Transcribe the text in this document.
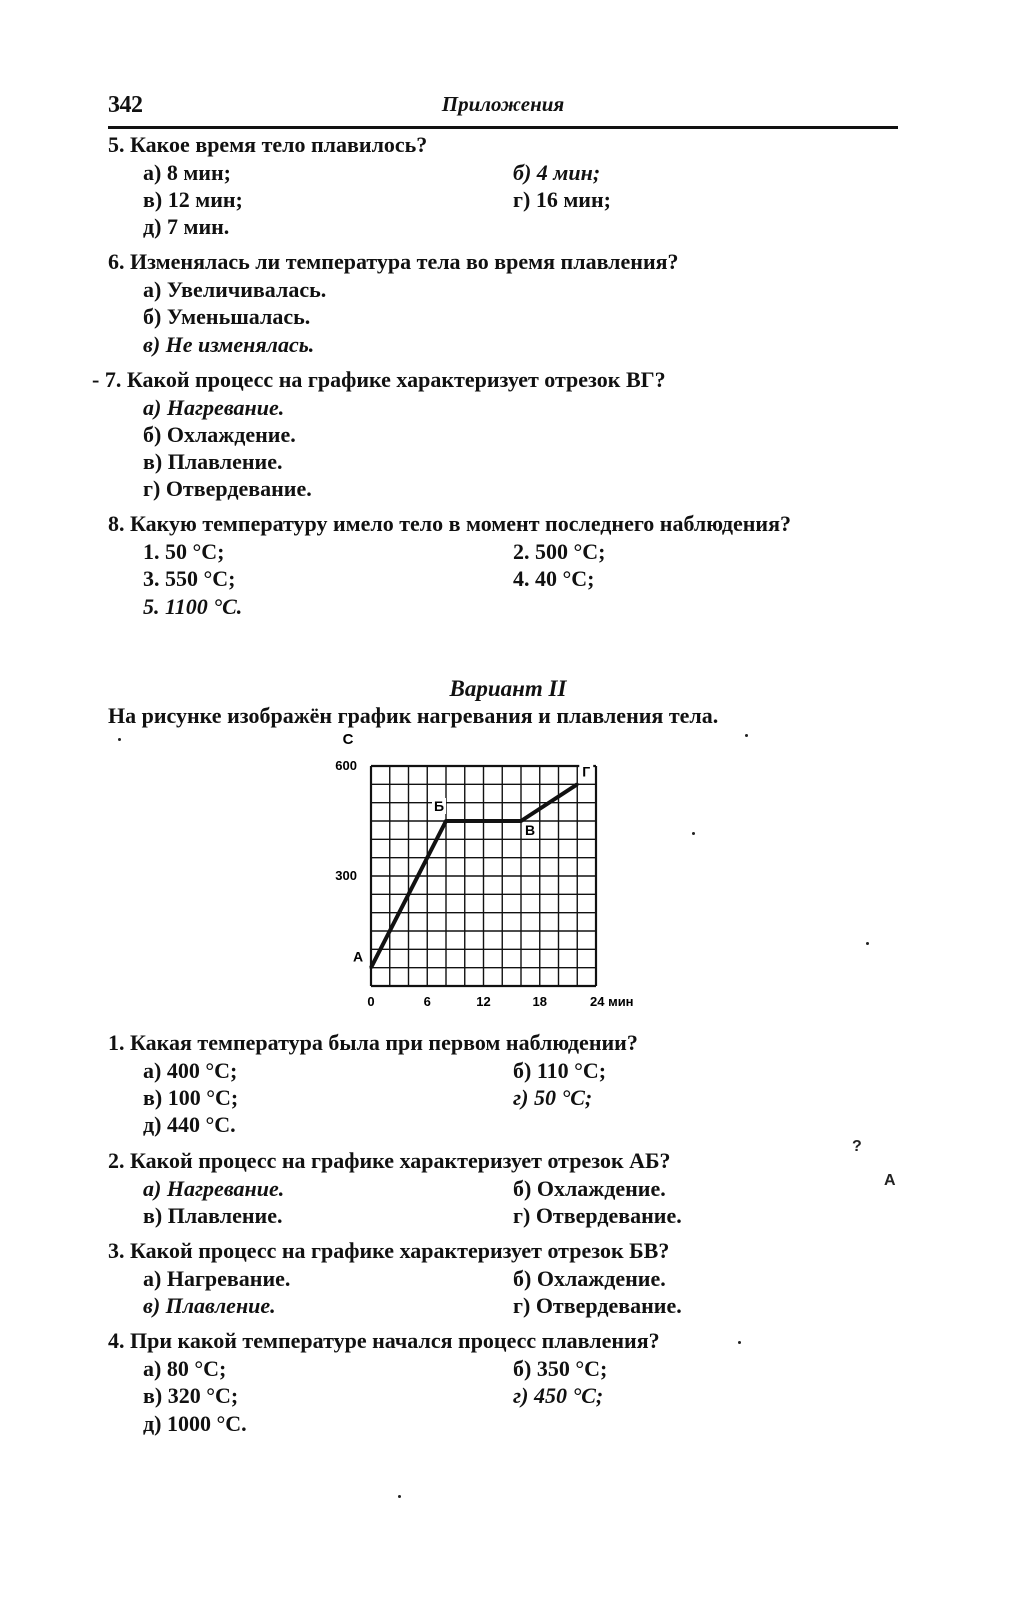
342	Приложения
5. Какое время тело плавилось?
а) 8 мин;	б) 4 мин;
в) 12 мин;	г) 16 мин;
д) 7 мин.
6. Изменялась ли температура тела во время плавления?
а) Увеличивалась.
б) Уменьшалась.
в) Не изменялась.
- 7. Какой процесс на графике характеризует отрезок ВГ?
а) Нагревание.
б) Охлаждение.
в) Плавление.
г) Отвердевание.
8. Какую температуру имело тело в момент последнего наблюдения?
1. 50 °C;	2. 500 °C;
3. 550 °C;	4. 40 °C;
5. 1100 °C.
Вариант II
На рисунке изображён график нагревания и плавления тела.
С
600
300
0	6	12	18	24 мин
А
Б
В
Г
1. Какая температура была при первом наблюдении?
а) 400 °C;	б) 110 °C;
в) 100 °C;	г) 50 °C;
д) 440 °C.
2. Какой процесс на графике характеризует отрезок АБ?
а) Нагревание.	б) Охлаждение.
в) Плавление.	г) Отвердевание.
3. Какой процесс на графике характеризует отрезок БВ?
а) Нагревание.	б) Охлаждение.
в) Плавление.	г) Отвердевание.
4. При какой температуре начался процесс плавления?
а) 80 °C;	б) 350 °C;
в) 320 °C;	г) 450 °C;
д) 1000 °C.
?
А
